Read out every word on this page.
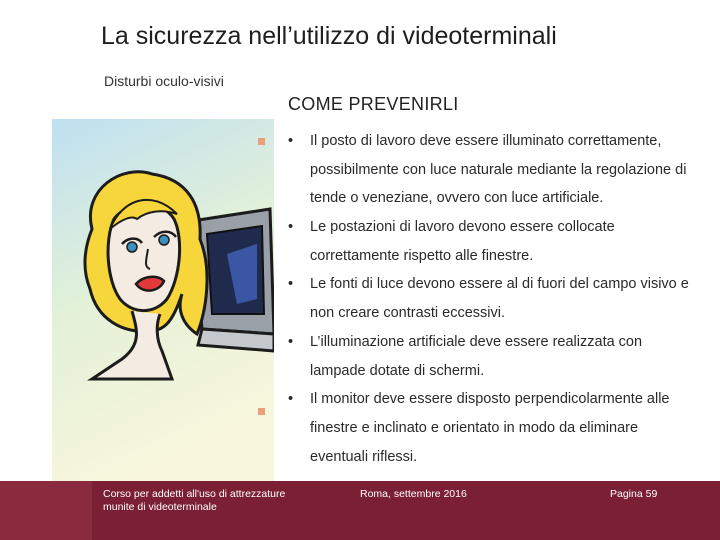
La sicurezza nell’utilizzo di videoterminali
Disturbi oculo-visivi
COME PREVENIRLI
• Il posto di lavoro deve essere illuminato correttamente,
possibilmente con luce naturale mediante la regolazione di
tende o veneziane, ovvero con luce artificiale.
• Le postazioni di lavoro devono essere collocate
correttamente rispetto alle finestre.
• Le fonti di luce devono essere al di fuori del campo visivo e
non creare contrasti eccessivi.
• L’illuminazione artificiale deve essere realizzata con
lampade dotate di schermi.
• Il monitor deve essere disposto perpendicolarmente alle
finestre e inclinato e orientato in modo da eliminare
eventuali riflessi.
Corso per addetti all'uso di attrezzature munite di videoterminale
Roma, settembre 2016	Pagina 59
